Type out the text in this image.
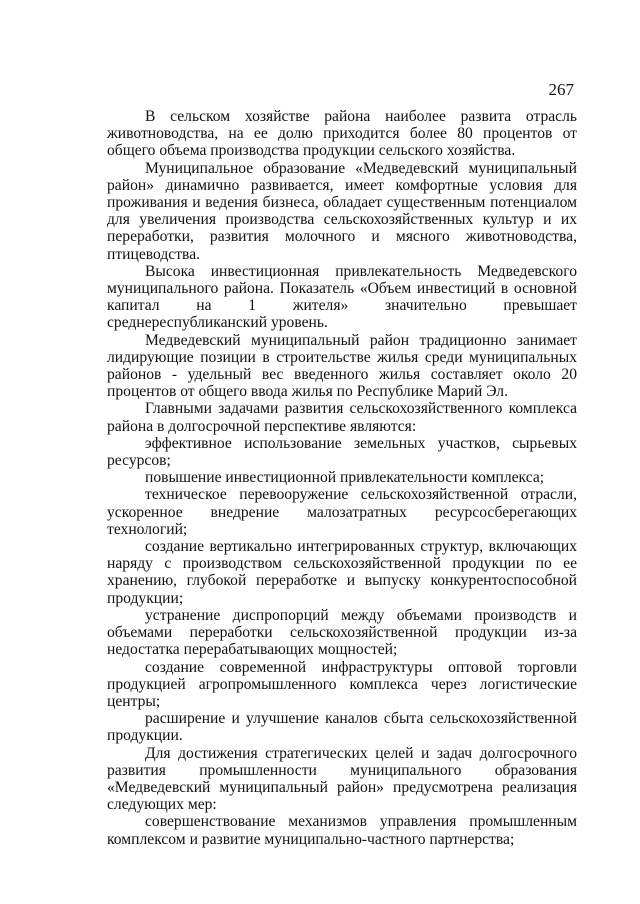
267

В сельском хозяйстве района наиболее развита отрасль животноводства, на ее долю приходится более 80 процентов от общего объема производства продукции сельского хозяйства.

Муниципальное образование «Медведевский муниципальный район» динамично развивается, имеет комфортные условия для проживания и ведения бизнеса, обладает существенным потенциалом для увеличения производства сельскохозяйственных культур и их переработки, развития молочного и мясного животноводства, птицеводства.

Высока инвестиционная привлекательность Медведевского муниципального района. Показатель «Объем инвестиций в основной капитал на 1 жителя» значительно превышает среднереспубликанский уровень.

Медведевский муниципальный район традиционно занимает лидирующие позиции в строительстве жилья среди муниципальных районов - удельный вес введенного жилья составляет около 20 процентов от общего ввода жилья по Республике Марий Эл.

Главными задачами развития сельскохозяйственного комплекса района в долгосрочной перспективе являются:

эффективное использование земельных участков, сырьевых ресурсов;

повышение инвестиционной привлекательности комплекса;

техническое перевооружение сельскохозяйственной отрасли, ускоренное внедрение малозатратных ресурсосберегающих технологий;

создание вертикально интегрированных структур, включающих наряду с производством сельскохозяйственной продукции по ее хранению, глубокой переработке и выпуску конкурентоспособной продукции;

устранение диспропорций между объемами производств и объемами переработки сельскохозяйственной продукции из-за недостатка перерабатывающих мощностей;

создание современной инфраструктуры оптовой торговли продукцией агропромышленного комплекса через логистические центры;

расширение и улучшение каналов сбыта сельскохозяйственной продукции.

Для достижения стратегических целей и задач долгосрочного развития промышленности муниципального образования «Медведевский муниципальный район» предусмотрена реализация следующих мер:

совершенствование механизмов управления промышленным комплексом и развитие муниципально-частного партнерства;
